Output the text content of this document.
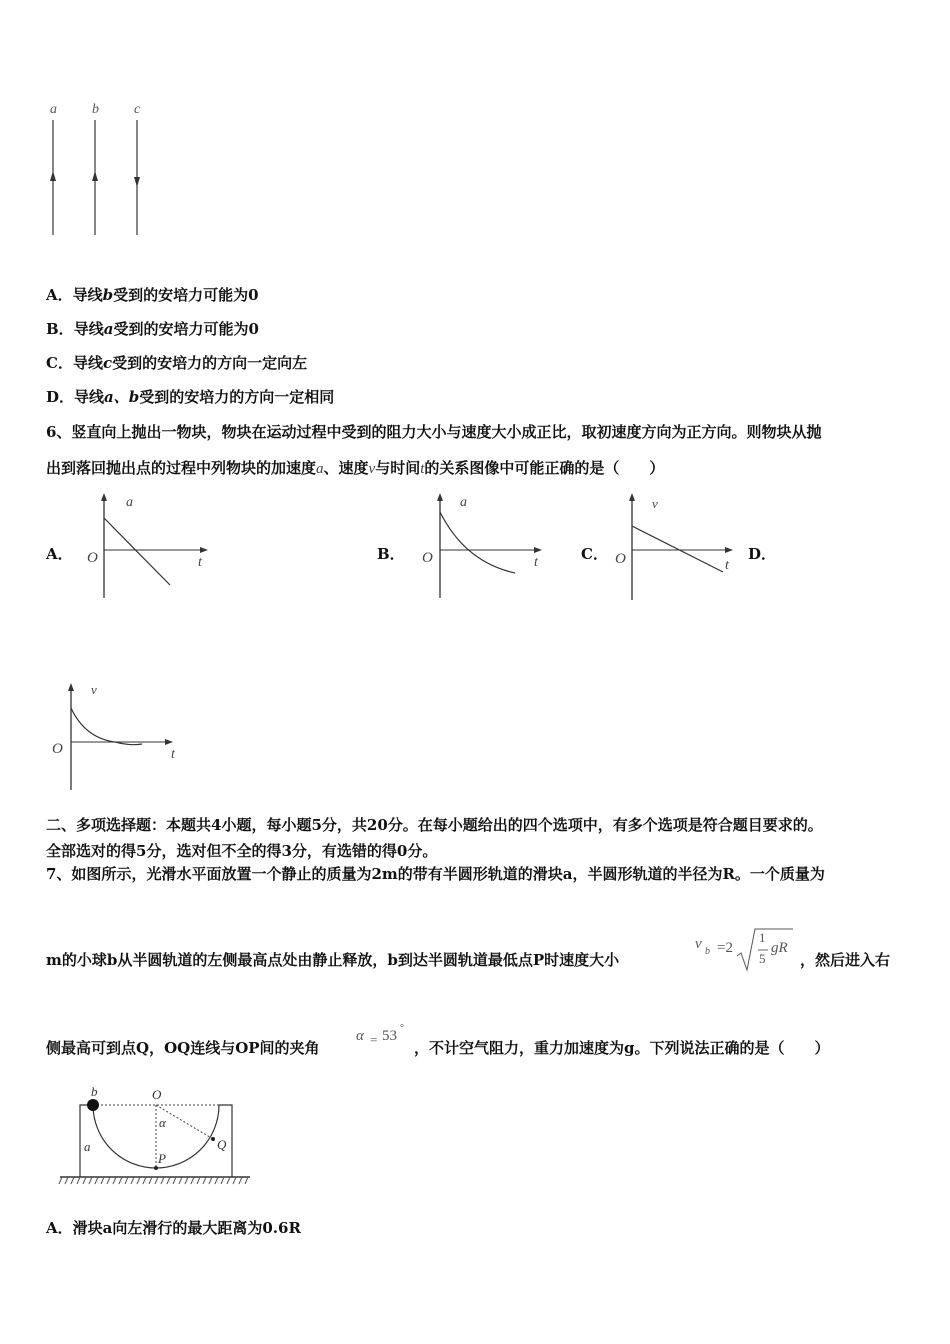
a	b	c
A．导线b受到的安培力可能为0
B．导线a受到的安培力可能为0
C．导线c受到的安培力的方向一定向左
D．导线a、b受到的安培力的方向一定相同
6、竖直向上抛出一物块，物块在运动过程中受到的阻力大小与速度大小成正比，取初速度方向为正方向。则物块从抛
出到落回抛出点的过程中列物块的加速度a、速度v与时间t的关系图像中可能正确的是（　　）
A．	B．	C．	D．
a
O	t
a
O	t
v
O	t
v
O	t
二、多项选择题：本题共4小题，每小题5分，共20分。在每小题给出的四个选项中，有多个选项是符合题目要求的。
全部选对的得5分，选对但不全的得3分，有选错的得0分。
7、如图所示，光滑水平面放置一个静止的质量为2m的带有半圆形轨道的滑块a，半圆形轨道的半径为R。一个质量为
m的小球b从半圆轨道的左侧最高点处由静止释放，b到达半圆轨道最低点P时速度大小
v b =2
1
5
gR
，然后进入右
侧最高可到点Q，OQ连线与OP间的夹角
α = 53 °
，不计空气阻力，重力加速度为g。下列说法正确的是（　　）
b	O
α
a	Q
P
A．滑块a向左滑行的最大距离为0.6R
